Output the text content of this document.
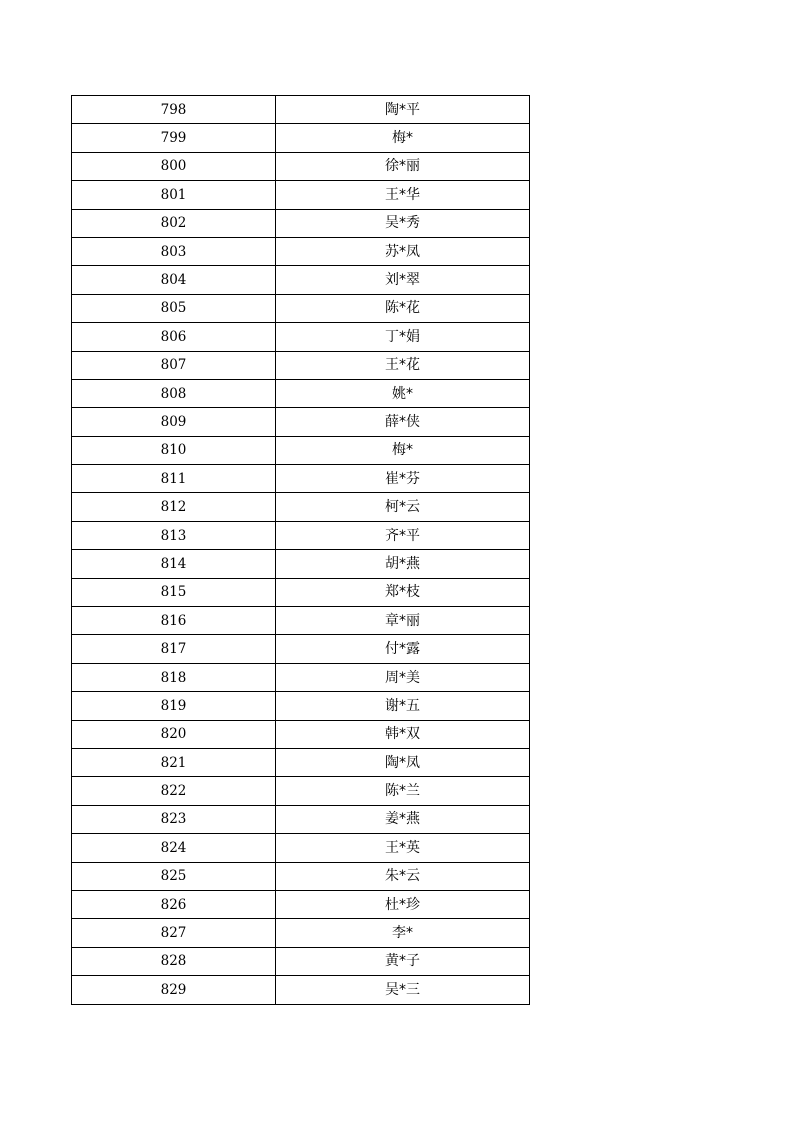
798	陶*平
799	梅*
800	徐*丽
801	王*华
802	吴*秀
803	苏*凤
804	刘*翠
805	陈*花
806	丁*娟
807	王*花
808	姚*
809	薛*侠
810	梅*
811	崔*芬
812	柯*云
813	齐*平
814	胡*燕
815	郑*枝
816	章*丽
817	付*露
818	周*美
819	谢*五
820	韩*双
821	陶*凤
822	陈*兰
823	姜*燕
824	王*英
825	朱*云
826	杜*珍
827	李*
828	黄*子
829	吴*三
